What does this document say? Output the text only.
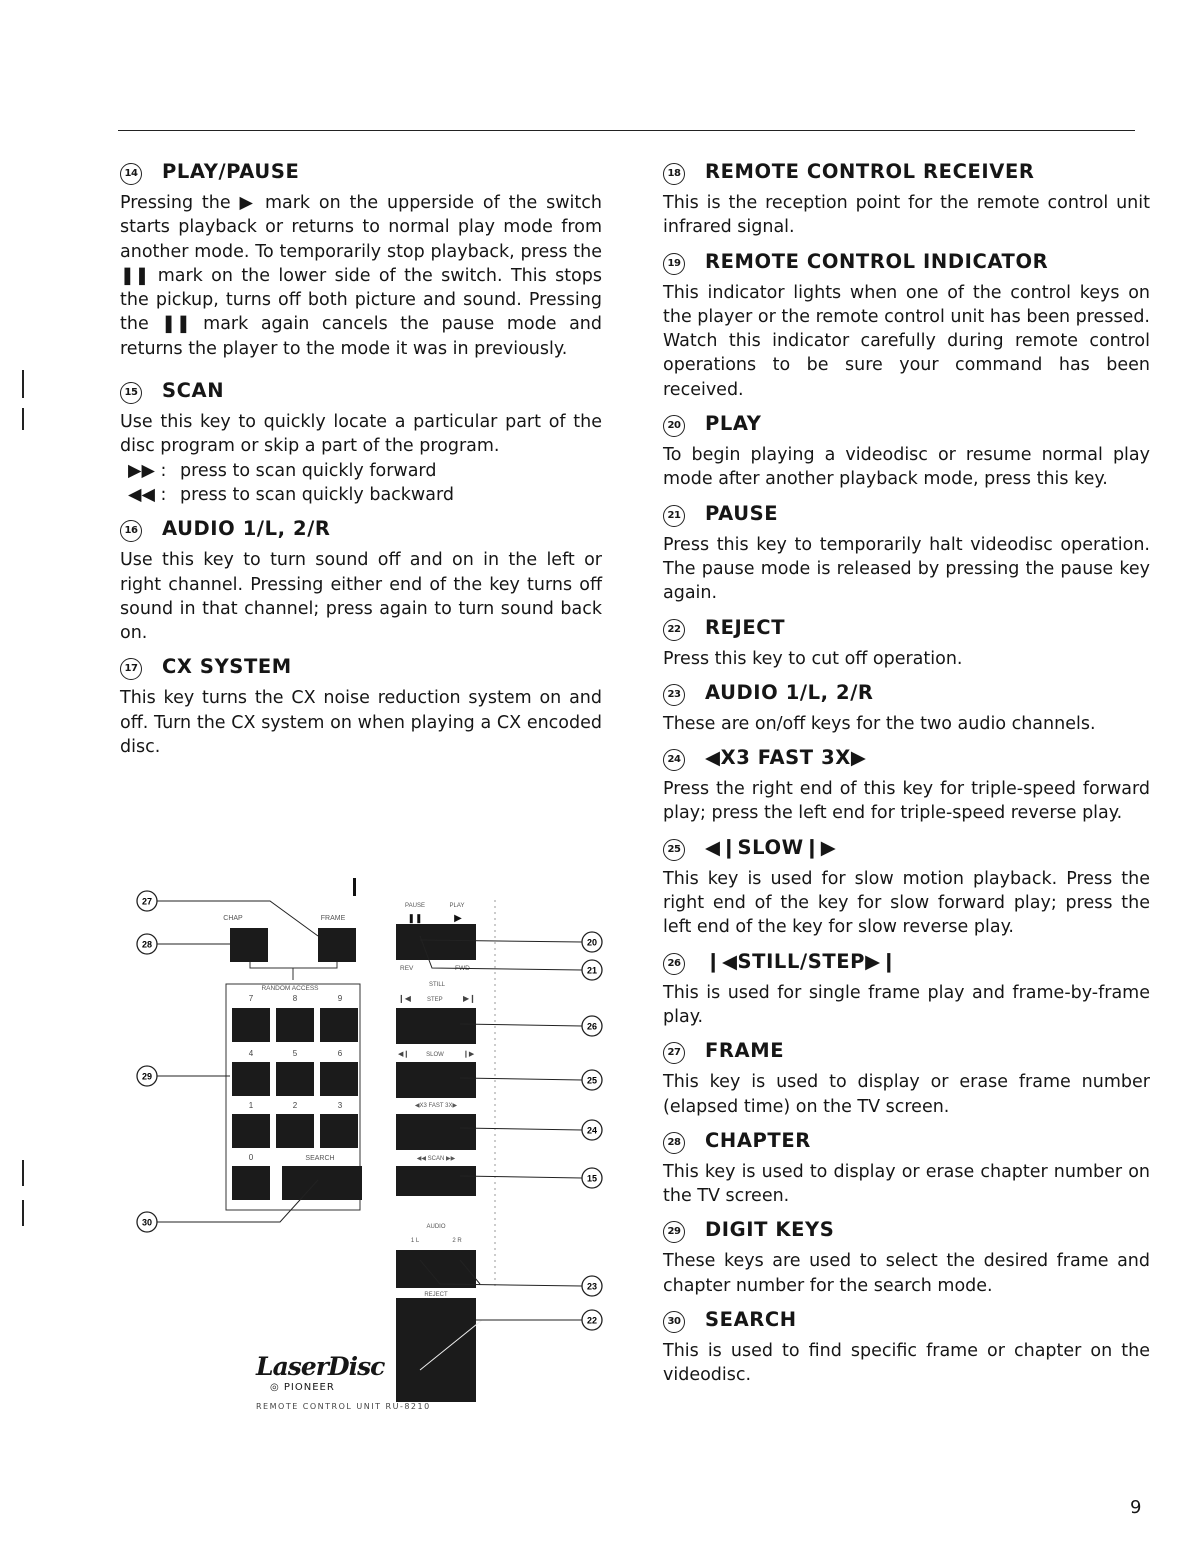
14 PLAY/PAUSE

Pressing the ▶ mark on the upperside of the switch starts playback or returns to normal play mode from another mode. To temporarily stop playback, press the ❚❚ mark on the lower side of the switch. This stops the pickup, turns off both picture and sound. Pressing the ❚❚ mark again cancels the pause mode and returns the player to the mode it was in previously.

15 SCAN

Use this key to quickly locate a particular part of the disc program or skip a part of the program.

▶▶ : press to scan quickly forward

◀◀ : press to scan quickly backward

16 AUDIO 1/L, 2/R

Use this key to turn sound off and on in the left or right channel. Pressing either end of the key turns off sound in that channel; press again to turn sound back on.

17 CX SYSTEM

This key turns the CX noise reduction system on and off. Turn the CX system on when playing a CX encoded disc.

18 REMOTE CONTROL RECEIVER

This is the reception point for the remote control unit infrared signal.

19 REMOTE CONTROL INDICATOR

This indicator lights when one of the control keys on the player or the remote control unit has been pressed. Watch this indicator carefully during remote control operations to be sure your command has been received.

20 PLAY

To begin playing a videodisc or resume normal play mode after another playback mode, press this key.

21 PAUSE

Press this key to temporarily halt videodisc operation. The pause mode is released by pressing the pause key again.

22 REJECT

Press this key to cut off operation.

23 AUDIO 1/L, 2/R

These are on/off keys for the two audio channels.

24 ◀X3 FAST 3X▶

Press the right end of this key for triple-speed forward play; press the left end for triple-speed reverse play.

25 ◀❙SLOW❙▶

This key is used for slow motion playback. Press the right end of the key for slow forward play; press the left end of the key for slow reverse play.

26 ❙◀STILL/STEP▶❙

This is used for single frame play and frame-by-frame play.

27 FRAME

This key is used to display or erase frame number (elapsed time) on the TV screen.

28 CHAPTER

This key is used to display or erase chapter number on the TV screen.

29 DIGIT KEYS

These keys are used to select the desired frame and chapter number for the search mode.

30 SEARCH

This is used to find specific frame or chapter on the videodisc.

CHAP	FRAME
PAUSE	PLAY
❚❚	▶
RANDOM ACCESS
REV	FWD
STILL
7	8	9
4	5	6
1	2	3
0	SEARCH
❙◀	STEP	▶❙
◀❙	SLOW	❙▶
◀X3 FAST 3X▶
◀◀ SCAN ▶▶
AUDIO
1 L	2 R
REJECT
27
28
29
30
20
21
26
25
24
15
23
22
LaserDisc
◎ PIONEER
REMOTE CONTROL UNIT RU-8210
9
